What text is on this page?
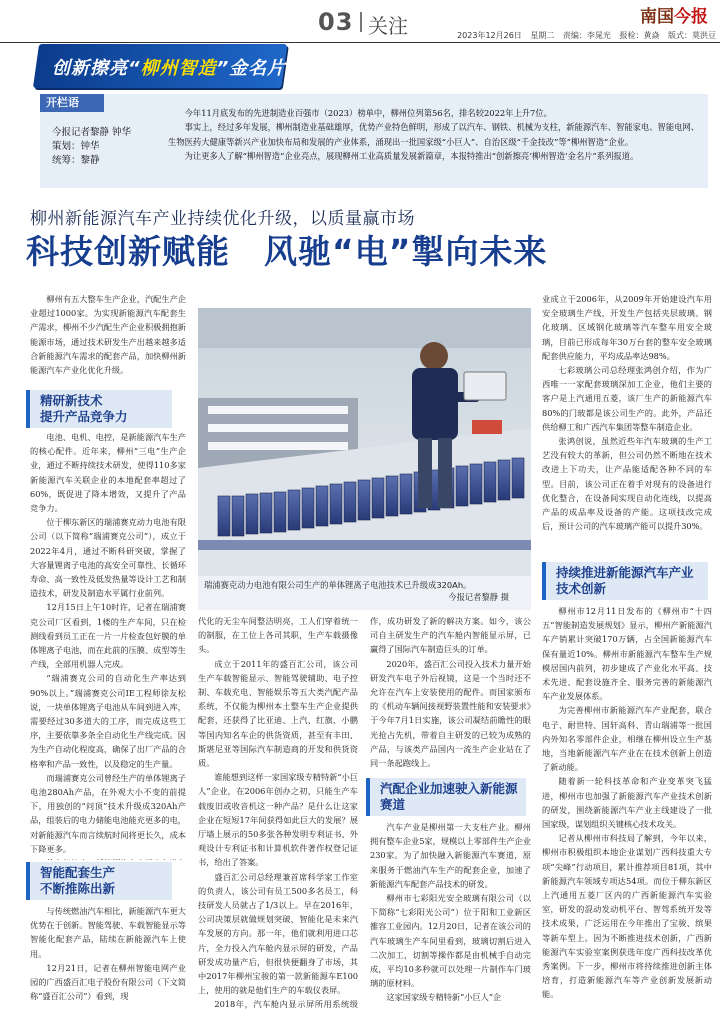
03 关注	南国今报
2023年12月26日 星期二 责编：李晁光 报检：黄焱 版式：莫洪豆
创新擦亮“柳州智造”金名片
开栏语
今报记者黎静 钟华
策划：钟华
统筹：黎静

今年11月底发布的先进制造业百强市（2023）榜单中，柳州位列第56名，排名较2022年上升7位。

事实上，经过多年发展，柳州制造业基础雄厚，优势产业特色鲜明，形成了以汽车、钢铁、机械为支柱，新能源汽车、智能家电、智能电网、生物医药大健康等新兴产业加快布局和发展的产业体系，涌现出一批国家级“小巨人”、自治区级“千金技改”等“柳州智造”企业。

为让更多人了解“柳州智造”企业亮点，展现柳州工业高质量发展新篇章，本报特推出“创新擦亮‘柳州智造’金名片”系列报道。

柳州新能源汽车产业持续优化升级，以质量赢市场
科技创新赋能 风驰“电”掣向未来

柳州有五大整车生产企业，汽配生产企业超过1000家。为实现新能源汽车配套生产需求，柳州不少汽配生产企业积极拥抱新能源市场，通过技术研发生产出越来越多适合新能源汽车需求的配套产品，加快柳州新能源汽车产业化优化升级。

精研新技术
提升产品竞争力

电池、电机、电控，是新能源汽车生产的核心配件。近年来，柳州“三电”生产企业，通过不断持续技术研发，使得110多家新能源汽车关联企业的本地配套率超过了60%，既促进了降本增效，又提升了产品竞争力。

位于柳东新区的瑞浦赛克动力电池有限公司（以下简称“瑞浦赛克公司”），成立于2022年4月，通过不断科研突破，掌握了大容量锂离子电池的高安全可靠性、长循环寿命、高一致性及低发热量等设计工艺和制造技术，研发及制造水平属行业前列。

12月15日上午10时许，记者在瑞浦赛克公司厂区看到，1楼的生产车间，只在检测线看到员工正在一片一片检查包好膜的单体锂离子电池，而在此前的压膜、成型等生产线，全部用机器人完成。

“瑞浦赛克公司的自动化生产率达到90%以上。”瑞浦赛克公司IE工程师徐友松说，一块单体锂离子电池从车间到进入库，需要经过30多道大的工序，而完成这些工序，主要依靠多条全自动化生产线完成。因为生产自动化程度高，确保了出厂产品的合格率和产品一致性，以及稳定的生产量。

而瑞浦赛克公司曾经生产的单体锂离子电池280Ah产品，在外观大小不变的前提下，用独创的“问顶”技术升级成320Ah产品，组装后的电力储能电池能充更多的电，对新能源汽车而言续航时间将更长久，成本下降更多。

智能配套生产
不断推陈出新

与传统燃油汽车相比，新能源汽车更大优势在于创新。智能驾驶、车载智能显示等智能化配套产品，陆续在新能源汽车上使用。

12月21日，记者在柳州智能电网产业园的广西盛百汇电子股份有限公司（下文简称“盛百汇公司”）看到，现

瑞浦赛克动力电池有限公司生产的单体锂离子电池技术已升级成320Ah。
今报记者黎静 摄

代化的无尘车间整洁明亮，工人们穿着统一的制服，在工位上各司其职，生产车载摄像头。

成立于2011年的盛百汇公司，该公司生产车载智能显示、智能驾驶辅助、电子控制、车载充电、智能娱乐等五大类汽配产品系统，不仅能为柳州本土整车生产企业提供配套，还获得了比亚迪、上汽、红旗、小鹏等国内知名车企的供货资质，甚至有丰田、斯堪尼亚等国际汽车制造商的开发和供货资质。

谁能想到这样一家国家级专精特新“小巨人”企业，在2006年创办之初，只能生产车载废旧或收音机这一种产品？是什么让这家企业在短短17年间获得如此巨大的发展？展厅墙上展示的50多张各种发明专利证书、外观设计专利证书和计算机软件著作权登记证书，给出了答案。

盛百汇公司总经理兼首席科学家工作室的负责人，该公司有员工500多名员工，科技研发人员就占了1/3以上。早在2016年，公司决策层就做规划突破，智能化是未来汽车发展的方向。那一年，他们就利用进口芯片，全力投入汽车舱内显示屏的研发，产品研发成功量产后，但很快便翻身了市场，其中2017年柳州宝骏的第一款新能源车E100上，使用的就是他们生产的车载仪表屏。

2018年，汽车舱内显示屏所用系统级

作，成功研发了新的解决方案。如今，该公司自主研发生产的汽车舱内智能显示屏，已赢得了国际汽车制造巨头的订单。

2020年，盛百汇公司投入技术力量开始研发汽车电子外后视镜，这是一个当时还不允许在汽车上安装使用的配件。而国家颁布的《机动车辆间接视野装置性能和安装要求》于今年7月1日实施，该公司凝结前瞻性的眼光抢占先机，带着自主研发的已较为成熟的产品，与该类产品国内一流生产企业站在了同一条起跑线上。

汽配企业加速驶入新能源赛道

汽车产业是柳州第一大支柱产业。柳州拥有整车企业5家，规模以上零部件生产企业230家。为了加快融入新能源汽车赛道，原来服务于燃油汽车生产的配套企业，加速了新能源汽车配套产品技术的研发。

柳州市七彩阳光安全玻璃有限公司（以下简称“七彩阳光公司”）位于阳和工业新区雒容工业园内。12月20日，记者在该公司的汽车玻璃生产车间里看到，玻璃切割后进入二次加工，切割等操作都是由机械手自动完成，平均10多秒就可以处理一片制作车门玻璃的原材料。

这家国家级专精特新“小巨人”企

业成立于2006年，从2009年开始建设汽车用安全玻璃生产线，开发生产包括夹层玻璃、钢化玻璃、区域钢化玻璃等汽车整车用安全玻璃，目前已形成每年30万台套的整车安全玻璃配套供应能力，平均成品率达98%。

七彩玻璃公司总经理张鸿创介绍，作为广西唯一一家配套玻璃深加工企业，他们主要的客户是上汽通用五菱，该厂生产的新能源汽车80%的门玻都是该公司生产的。此外，产品还供给柳工和广西汽车集团等整车制造企业。

张鸿创说，虽然近些年汽车玻璃的生产工艺没有较大的革新，但公司仍然不断地在技术改进上下功夫，让产品能适配各种不同的车型。目前，该公司正在着手对现有的设备进行优化整合，在设备间实现自动化连线，以提高产品的成品率及设备的产能。这项技改完成后，预计公司的汽车玻璃产能可以提升30%。

持续推进新能源汽车产业技术创新

柳州市12月11日发布的《柳州市“十四五”智能制造发展规划》显示，柳州产新能源汽车产销累计突破170万辆，占全国新能源汽车保有量近10%。柳州市新能源汽车整车生产规模居国内前列，初步建成了产业化水平高、技术先进、配套设施齐全、服务完善的新能源汽车产业发展体系。

为完善柳州市新能源汽车产业配套，联合电子、耐世特、国轩高科、青山瑞浦等一批国内外知名零部件企业，相继在柳州设立生产基地，当地新能源汽车产业在在技术创新上创造了新动能。

随着新一轮科技革命和产业变革突飞猛进，柳州市也加强了新能源汽车产业技术创新的研发，围绕新能源汽车产业主线建设了一批国家级，谋划组织关键核心技术攻关。

记者从柳州市科技局了解到，今年以来，柳州市积极组织本地企业谋划广西科技重大专项“尖峰”行动项目，累计推荐项目81项，其中新能源汽车领域专项达54项。而位于柳东新区上汽通用五菱厂区内的广西新能源汽车实验室，研发的混动发动机平台、智驾系统开发等技术成果，广泛运用在今年推出了宝骏、缤果等新车型上。因为不断推进技术创新，广西新能源汽车实验室案例获选年度广西科技改革优秀案例。下一步，柳州市将持续推进创新主体培育，打造新能源汽车等产业创新发展新动能。
